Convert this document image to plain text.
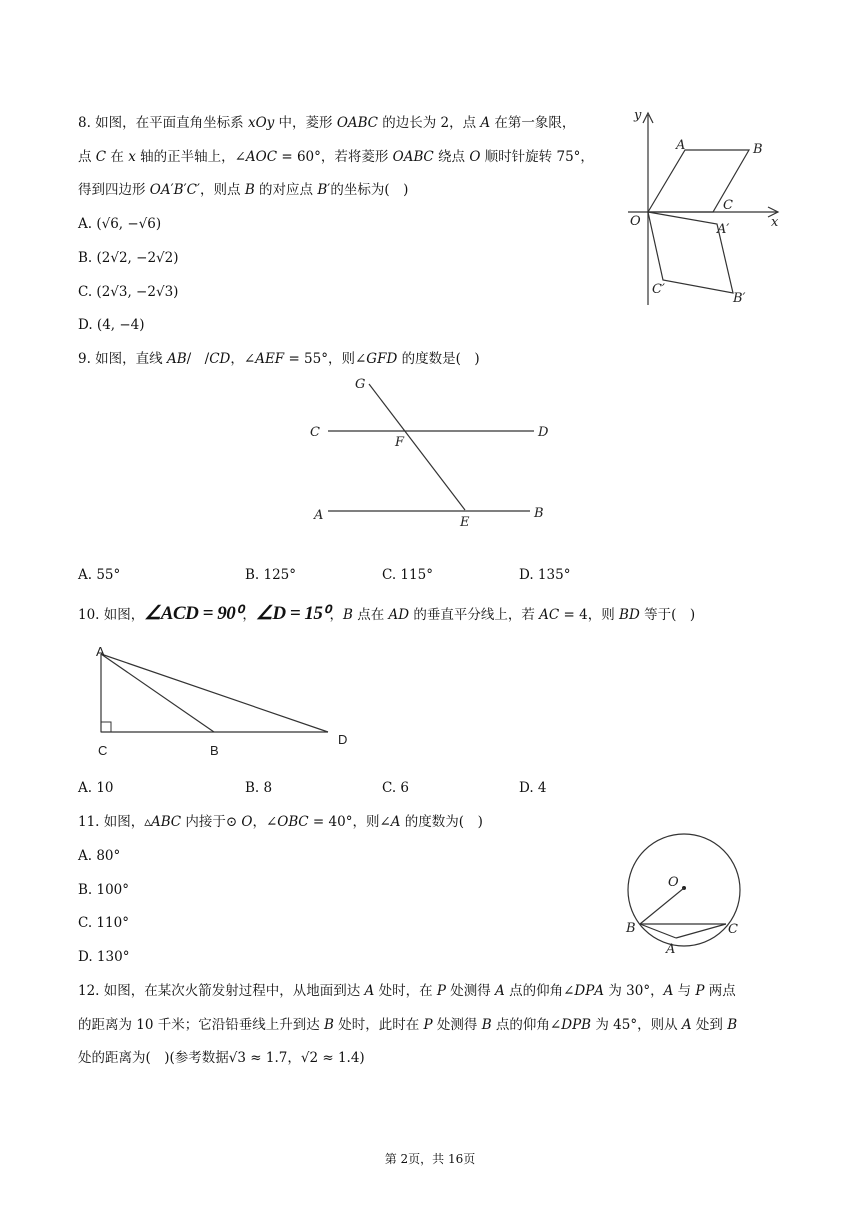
8. 如图，在平面直角坐标系 𝑥𝑂𝑦 中，菱形 𝑂𝐴𝐵𝐶 的边长为 2，点 𝐴 在第一象限，
点 𝐶 在 𝑥 轴的正半轴上，∠𝐴𝑂𝐶 = 60°，若将菱形 𝑂𝐴𝐵𝐶 绕点 𝑂 顺时针旋转 75°，
得到四边形 𝑂𝐴′𝐵′𝐶′，则点 𝐵 的对应点 𝐵′的坐标为(　)
A. (√6, −√6)
B. (2√2, −2√2)
C. (2√3, −2√3)
D. (4, −4)
y
x
O
A	B
C
A′
B′
C′
9. 如图，直线 𝐴𝐵/　/𝐶𝐷，∠𝐴𝐸𝐹 = 55°，则∠𝐺𝐹𝐷 的度数是(　)
G
C	D
F
A	B
E
A. 55°	B. 125°	C. 115°	D. 135°
10. 如图，∠ACD = 90⁰，∠D = 15⁰，𝐵 点在 𝐴𝐷 的垂直平分线上，若 𝐴𝐶 = 4，则 𝐵𝐷 等于(　)
A
C	B
D
A. 10	B. 8	C. 6	D. 4
11. 如图，▵𝐴𝐵𝐶 内接于⊙ 𝑂，∠𝑂𝐵𝐶 = 40°，则∠𝐴 的度数为(　)
A. 80°
B. 100°
C. 110°
D. 130°
O
B	C
A
12. 如图，在某次火箭发射过程中，从地面到达 𝐴 处时，在 𝑃 处测得 𝐴 点的仰角∠𝐷𝑃𝐴 为 30°，𝐴 与 𝑃 两点
的距离为 10 千米；它沿铅垂线上升到达 𝐵 处时，此时在 𝑃 处测得 𝐵 点的仰角∠𝐷𝑃𝐵 为 45°，则从 𝐴 处到 𝐵
处的距离为(　)(参考数据√3 ≈ 1.7，√2 ≈ 1.4)
第 2页，共 16页
